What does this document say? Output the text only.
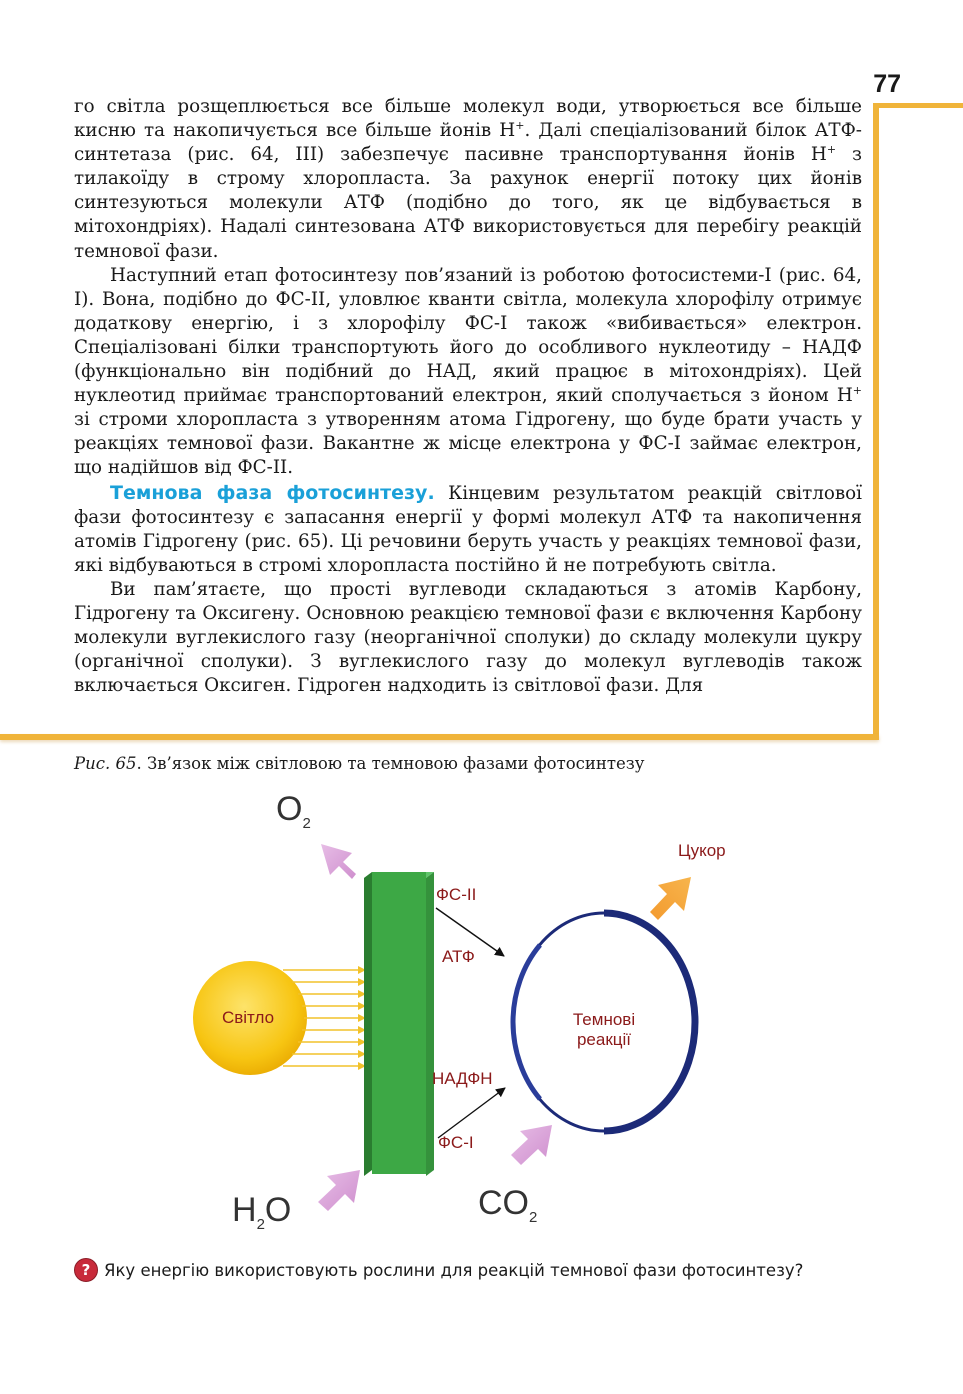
77

го світла розщеплюється все більше молекул води, утворюється все більше кисню та накопичується все більше йонів Н+. Далі спеціалізований білок АТФ-синтетаза (рис. 64, III) забезпечує пасивне транспортування йонів Н+ з тилакоїду в строму хлоропласта. За рахунок енергії потоку цих йонів синтезуються молекули АТФ (подібно до того, як це відбувається в мітохондріях). Надалі синтезована АТФ використовується для перебігу реакцій темнової фази.

Наступний етап фотосинтезу пов’язаний із роботою фотосистеми-I (рис. 64, I). Вона, подібно до ФС-II, уловлює кванти світла, молекула хлорофілу отримує додаткову енергію, і з хлорофілу ФС-I також «вибивається» електрон. Спеціалізовані білки транспортують його до особливого нуклеотиду – НАДФ (функціонально він подібний до НАД, який працює в мітохондріях). Цей нуклеотид приймає транспортований електрон, який сполучається з йоном Н+ зі строми хлоропласта з утворенням атома Гідрогену, що буде брати участь у реакціях темнової фази. Вакантне ж місце електрона у ФС-I займає електрон, що надійшов від ФС-II.

Темнова фаза фотосинтезу. Кінцевим результатом реакцій світлової фази фотосинтезу є запасання енергії у формі молекул АТФ та накопичення атомів Гідрогену (рис. 65). Ці речовини беруть участь у реакціях темнової фази, які відбуваються в стромі хлоропласта постійно й не потребують світла.

Ви пам’ятаєте, що прості вуглеводи складаються з атомів Карбону, Гідрогену та Оксигену. Основною реакцією темнової фази є включення Карбону молекули вуглекислого газу (неорганічної сполуки) до складу молекули цукру (органічної сполуки). З вуглекислого газу до молекул вуглеводів також включається Оксиген. Гідроген надходить із світлової фази. Для

Рис. 65. Зв’язок між світловою та темновою фазами фотосинтезу
Світло
$O_2$
$H_2O$	$CO_2$
Цукор
Темнові
реакції
ФС-II
АТФ
НАДФН
ФС-I
? Яку енергію використовують рослини для реакцій темнової фази фотосинтезу?
